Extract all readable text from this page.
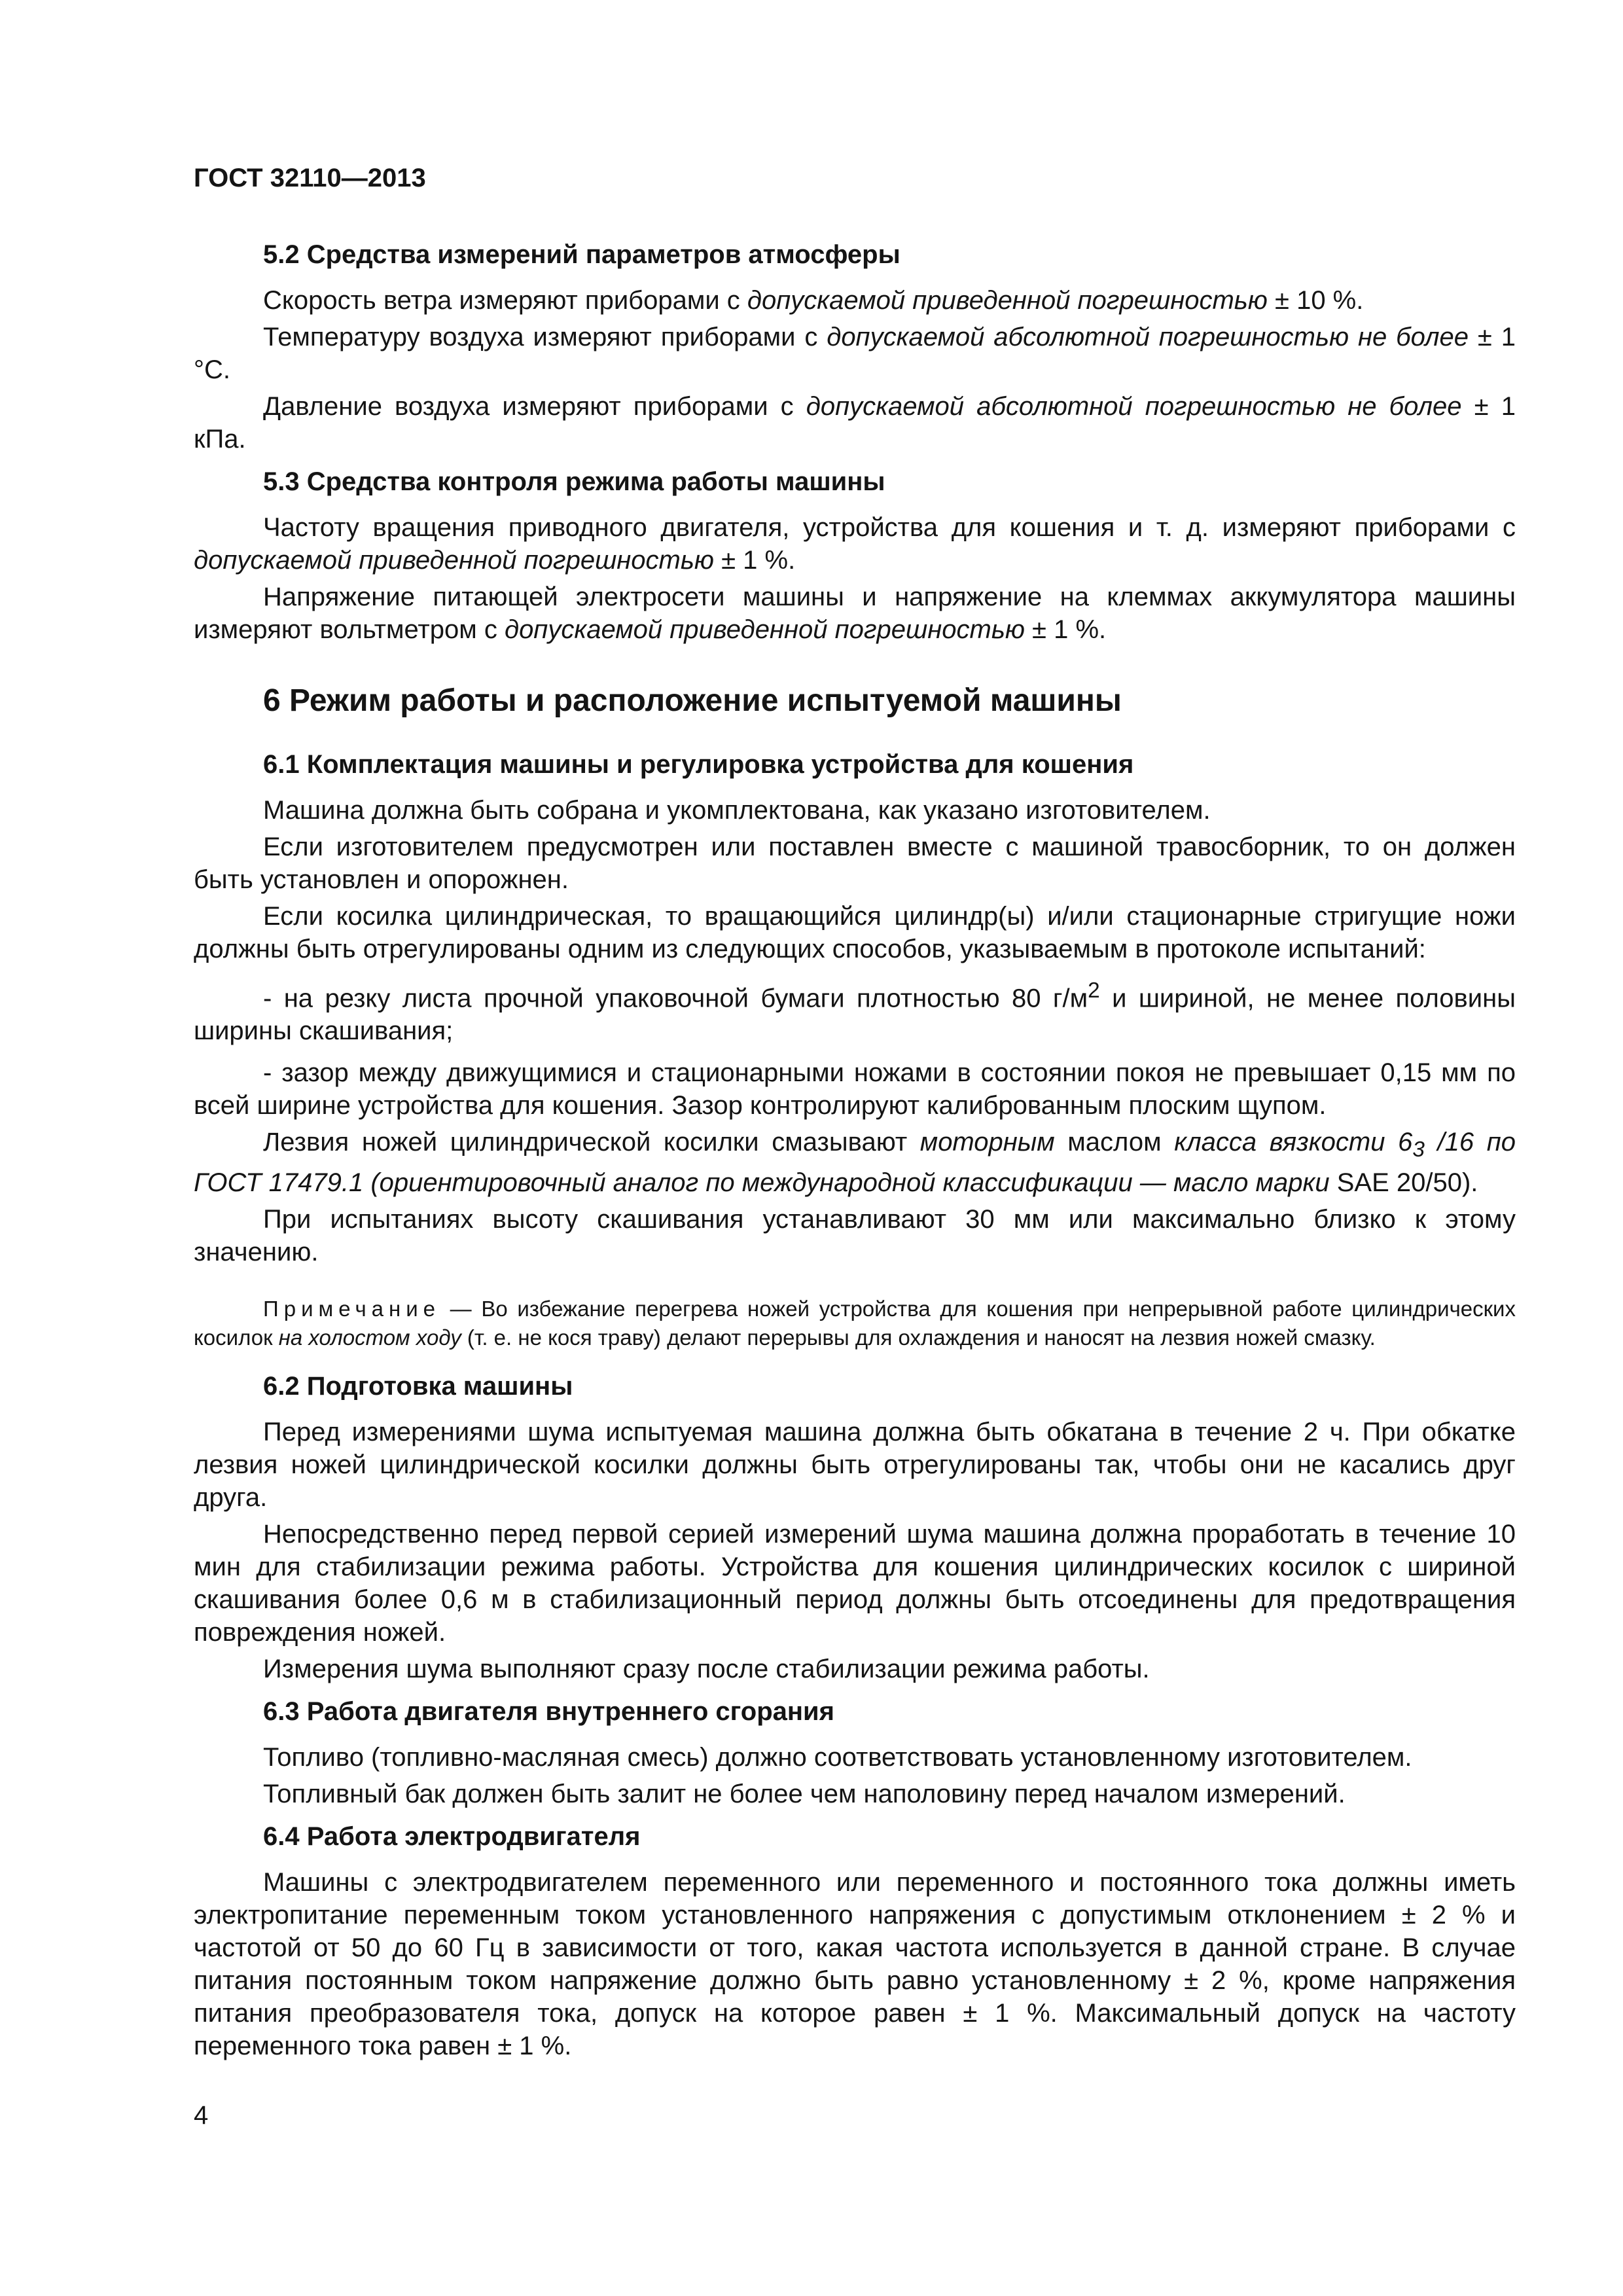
ГОСТ 32110—2013
5.2 Средства измерений параметров атмосферы

Скорость ветра измеряют приборами с допускаемой приведенной погрешностью ± 10 %.

Температуру воздуха измеряют приборами с допускаемой абсолютной погрешностью не более ± 1 °С.

Давление воздуха измеряют приборами с допускаемой абсолютной погрешностью не более ± 1 кПа.

5.3 Средства контроля режима работы машины

Частоту вращения приводного двигателя, устройства для кошения и т. д. измеряют приборами с допускаемой приведенной погрешностью ± 1 %.

Напряжение питающей электросети машины и напряжение на клеммах аккумулятора машины измеряют вольтметром с допускаемой приведенной погрешностью ± 1 %.

6 Режим работы и расположение испытуемой машины
6.1 Комплектация машины и регулировка устройства для кошения

Машина должна быть собрана и укомплектована, как указано изготовителем.

Если изготовителем предусмотрен или поставлен вместе с машиной травосборник, то он должен быть установлен и опорожнен.

Если косилка цилиндрическая, то вращающийся цилиндр(ы) и/или стационарные стригущие ножи должны быть отрегулированы одним из следующих способов, указываемым в протоколе испытаний:

- на резку листа прочной упаковочной бумаги плотностью 80 $г/м^2$ и шириной, не менее половины ширины скашивания;

- зазор между движущимися и стационарными ножами в состоянии покоя не превышает 0,15 мм по всей ширине устройства для кошения. Зазор контролируют калиброванным плоским щупом.

Лезвия ножей цилиндрической косилки смазывают моторным маслом класса вязкости $6_3$ /16 по ГОСТ 17479.1 (ориентировочный аналог по международной классификации — масло марки SAE 20/50).

При испытаниях высоту скашивания устанавливают 30 мм или максимально близко к этому значению.

Примечание — Во избежание перегрева ножей устройства для кошения при непрерывной работе цилиндрических косилок на холостом ходу (т. е. не кося траву) делают перерывы для охлаждения и наносят на лезвия ножей смазку.
6.2 Подготовка машины

Перед измерениями шума испытуемая машина должна быть обкатана в течение 2 ч. При обкатке лезвия ножей цилиндрической косилки должны быть отрегулированы так, чтобы они не касались друг друга.

Непосредственно перед первой серией измерений шума машина должна проработать в течение 10 мин для стабилизации режима работы. Устройства для кошения цилиндрических косилок с шириной скашивания более 0,6 м в стабилизационный период должны быть отсоединены для предотвращения повреждения ножей.

Измерения шума выполняют сразу после стабилизации режима работы.

6.3 Работа двигателя внутреннего сгорания

Топливо (топливно-масляная смесь) должно соответствовать установленному изготовителем.

Топливный бак должен быть залит не более чем наполовину перед началом измерений.

6.4 Работа электродвигателя

Машины с электродвигателем переменного или переменного и постоянного тока должны иметь электропитание переменным током установленного напряжения с допустимым отклонением ± 2 % и частотой от 50 до 60 Гц в зависимости от того, какая частота используется в данной стране. В случае питания постоянным током напряжение должно быть равно установленному ± 2 %, кроме напряжения питания преобразователя тока, допуск на которое равен ± 1 %. Максимальный допуск на частоту переменного тока равен ± 1 %.

4
